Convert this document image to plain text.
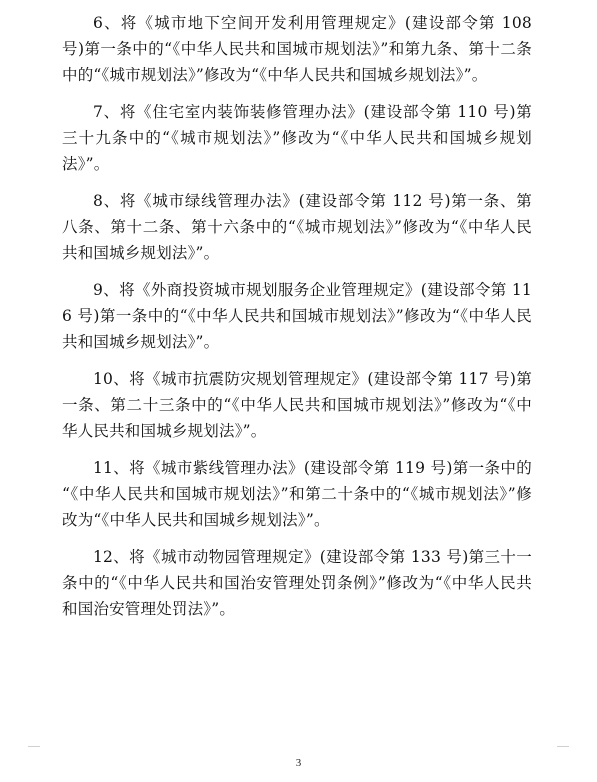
6、将《城市地下空间开发利用管理规定》(建设部令第 108 号)第一条中的“《中华人民共和国城市规划法》”和第九条、第十二条中的“《城市规划法》”修改为“《中华人民共和国城乡规划法》”。

7、将《住宅室内装饰装修管理办法》(建设部令第 110 号)第三十九条中的“《城市规划法》”修改为“《中华人民共和国城乡规划法》”。

8、将《城市绿线管理办法》(建设部令第 112 号)第一条、第八条、第十二条、第十六条中的“《城市规划法》”修改为“《中华人民共和国城乡规划法》”。

9、将《外商投资城市规划服务企业管理规定》(建设部令第 116 号)第一条中的“《中华人民共和国城市规划法》”修改为“《中华人民共和国城乡规划法》”。

10、将《城市抗震防灾规划管理规定》(建设部令第 117 号)第一条、第二十三条中的“《中华人民共和国城市规划法》”修改为“《中华人民共和国城乡规划法》”。

11、将《城市紫线管理办法》(建设部令第 119 号)第一条中的 “《中华人民共和国城市规划法》”和第二十条中的“《城市规划法》”修改为“《中华人民共和国城乡规划法》”。

12、将《城市动物园管理规定》(建设部令第 133 号)第三十一条中的“《中华人民共和国治安管理处罚条例》”修改为“《中华人民共和国治安管理处罚法》”。

3
